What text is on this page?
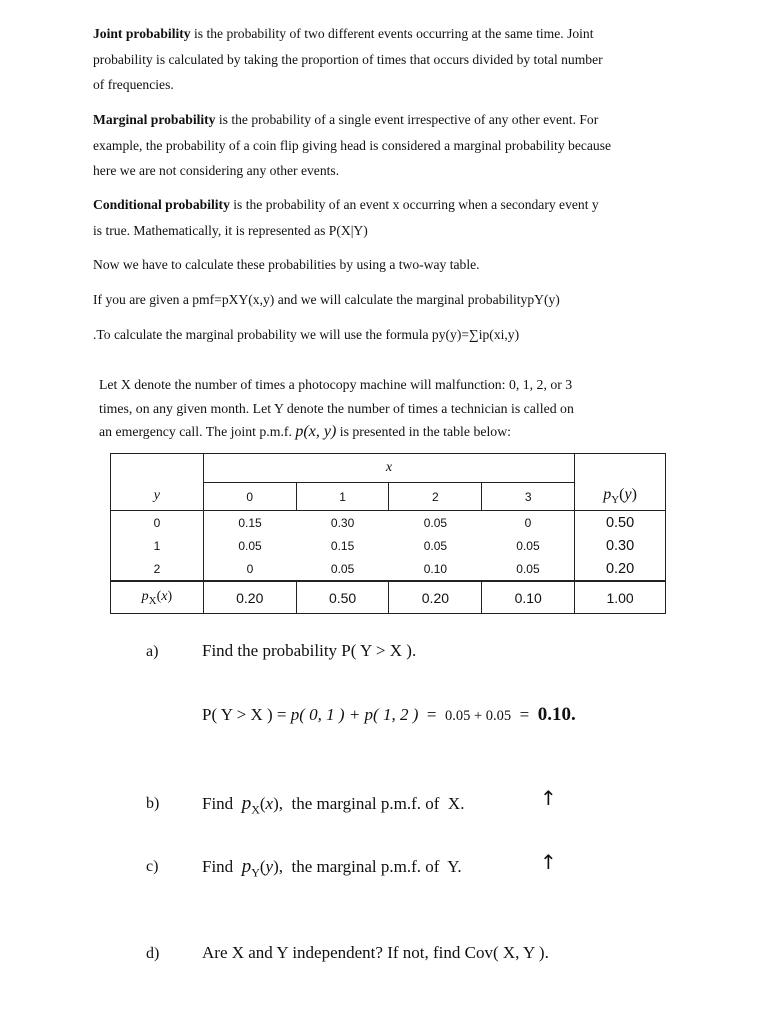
Joint probability is the probability of two different events occurring at the same time. Joint
probability is calculated by taking the proportion of times that occurs divided by total number
of frequencies.

Marginal probability is the probability of a single event irrespective of any other event. For
example, the probability of a coin flip giving head is considered a marginal probability because
here we are not considering any other events.

Conditional probability is the probability of an event x occurring when a secondary event y
is true. Mathematically, it is represented as P(X|Y)

Now we have to calculate these probabilities by using a two-way table.

If you are given a pmf=pXY(x,y) and we will calculate the marginal probabilitypY(y)

.To calculate the marginal probability we will use the formula py(y)=∑ip(xi,y)

Let X denote the number of times a photocopy machine will malfunction: 0, 1, 2, or 3
times, on any given month. Let Y denote the number of times a technician is called on
an emergency call. The joint p.m.f. p(x, y) is presented in the table below:
	x				
y	0	1	2	3	$p_Y(y)$
0	0.15	0.30	0.05	0	0.50
1	0.05	0.15	0.05	0.05	0.30
2	0	0.05	0.10	0.05	0.20
$p_X(x)$	0.20	0.50	0.20	0.10	1.00
a)	Find the probability P( Y > X ).
P( Y > X ) = p( 0, 1 ) + p( 1, 2 ) = 0.05 + 0.05 = 0.10.
b)	Find  $p_X(x)$,  the marginal p.m.f. of  X.	↑
c)	Find  $p_Y(y)$,  the marginal p.m.f. of  Y.	↑
d)	Are X and Y independent? If not, find Cov( X, Y ).
